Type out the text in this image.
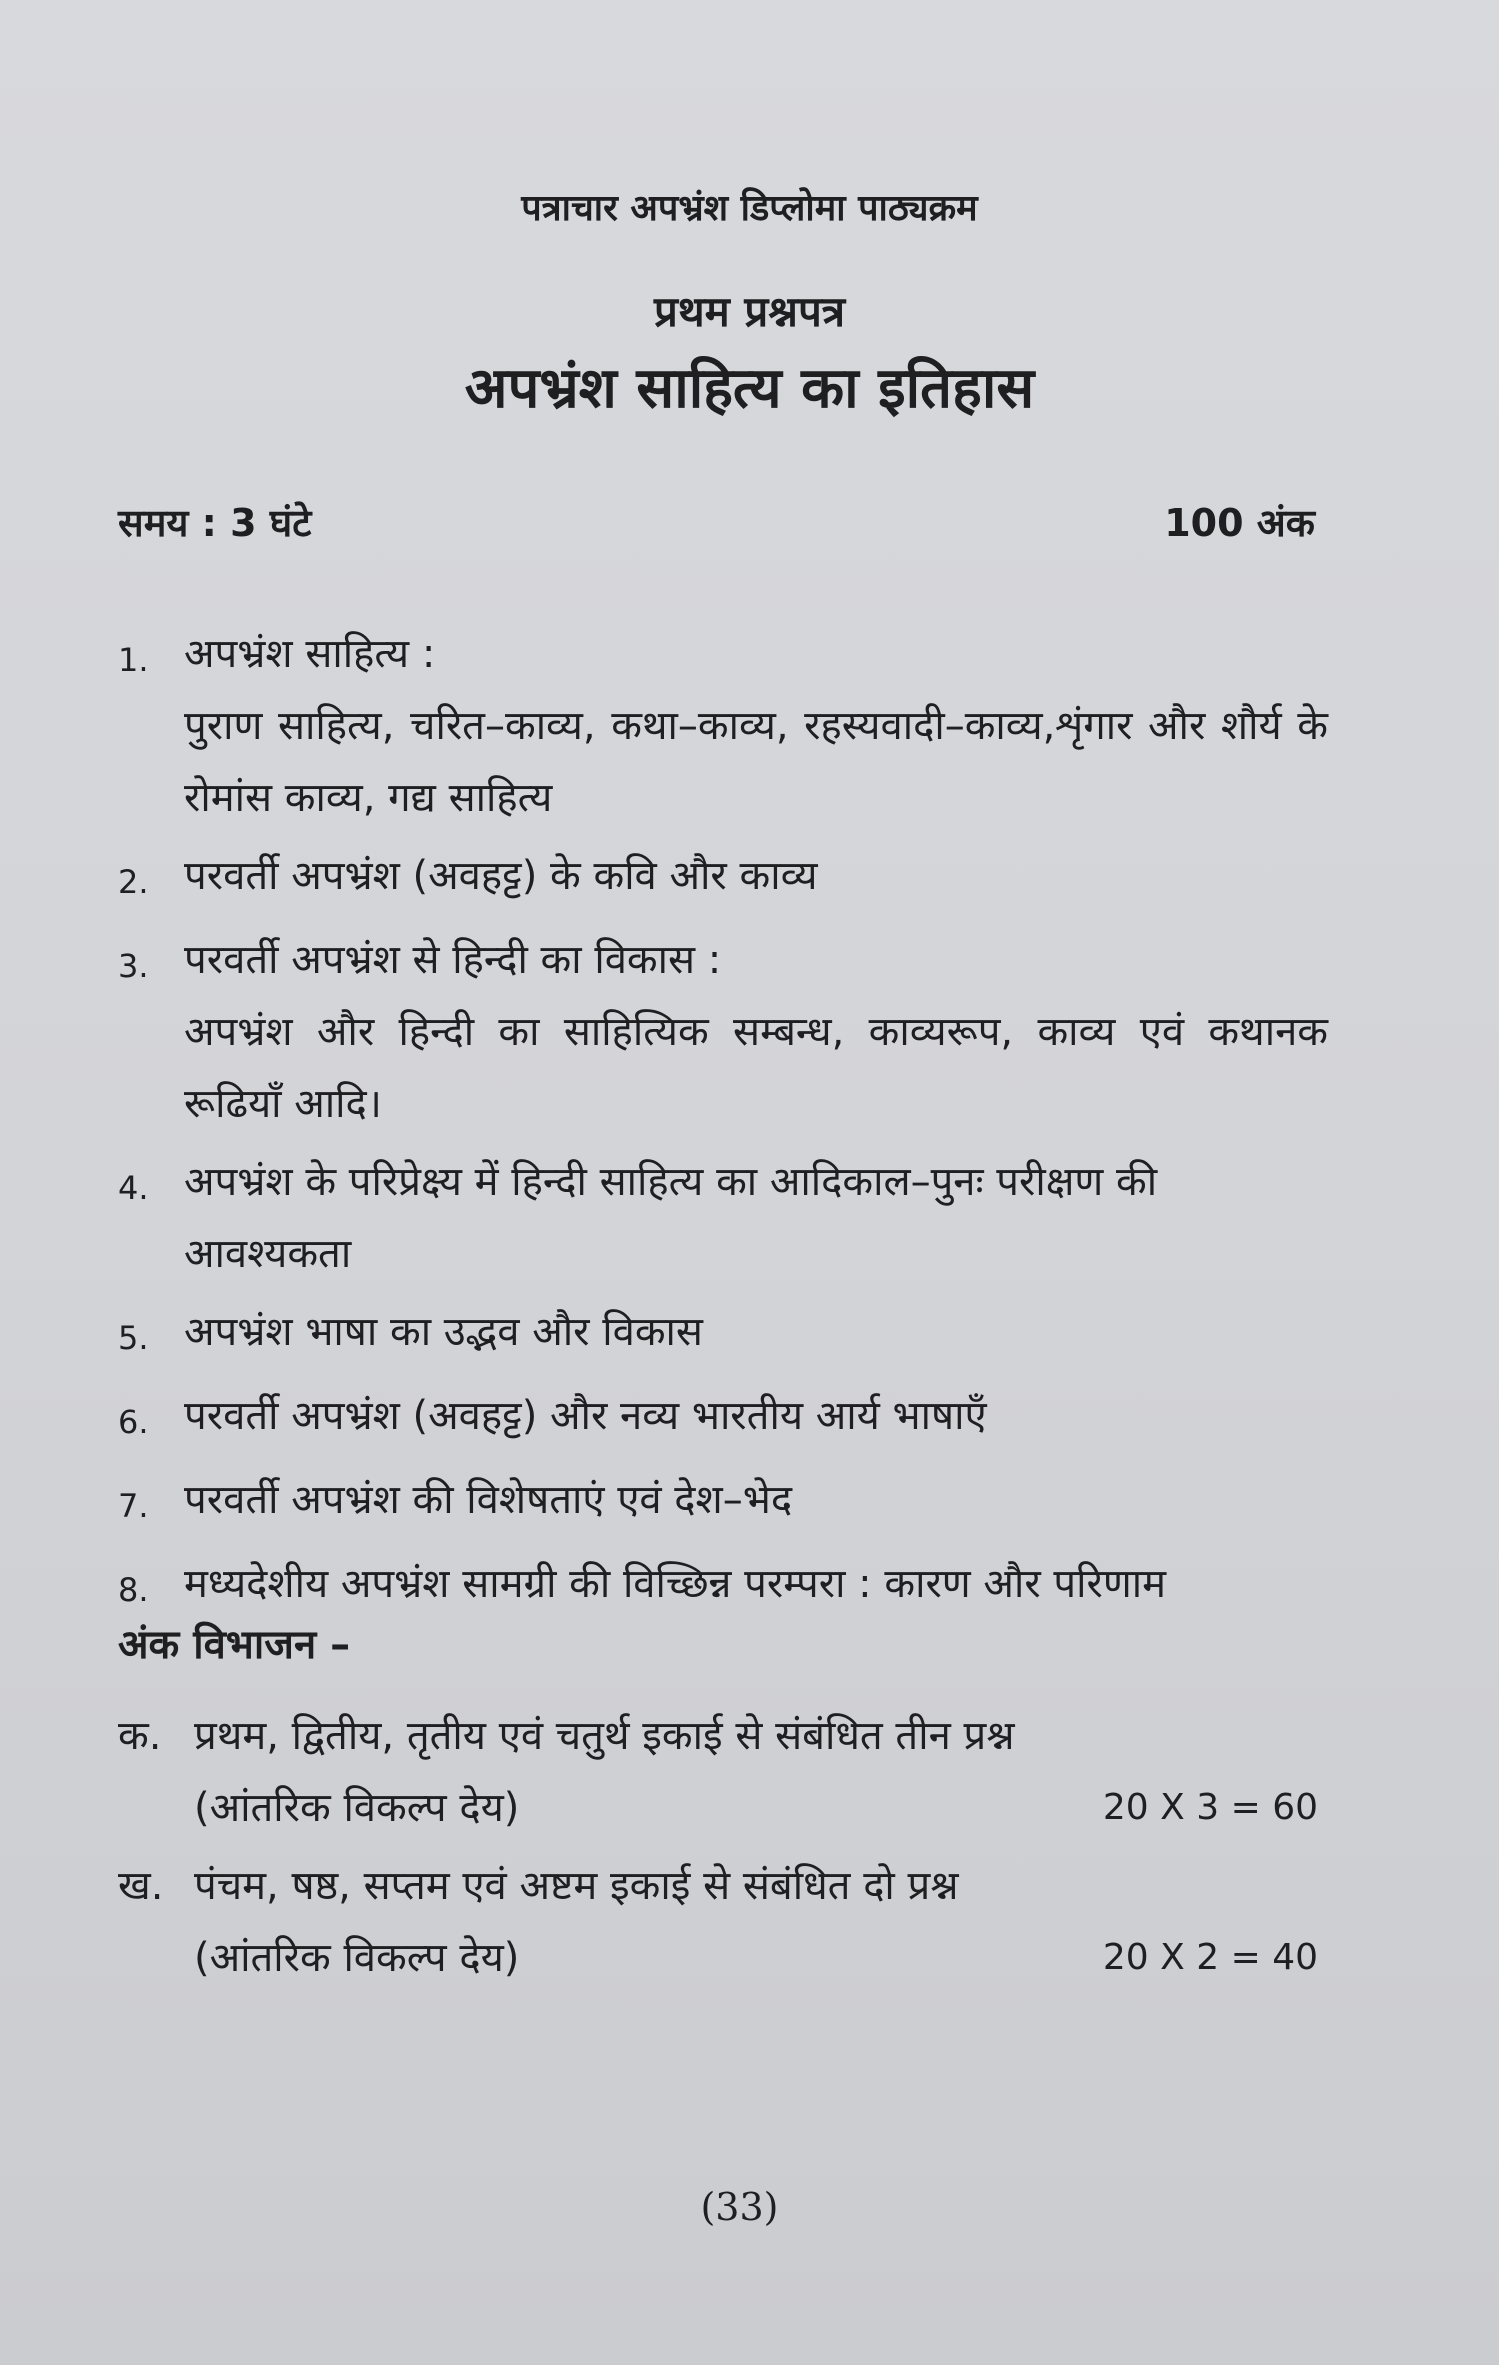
पत्राचार अपभ्रंश डिप्लोमा पाठ्यक्रम
प्रथम प्रश्नपत्र
अपभ्रंश साहित्य का इतिहास
समय : 3 घंटे	100 अंक
1. अपभ्रंश साहित्य :
पुराण साहित्य, चरित–काव्य, कथा–काव्य, रहस्यवादी–काव्य,शृंगार और शौर्य के रोमांस काव्य, गद्य साहित्य
2. परवर्ती अपभ्रंश (अवहट्ट) के कवि और काव्य
3. परवर्ती अपभ्रंश से हिन्दी का विकास :
अपभ्रंश और हिन्दी का साहित्यिक सम्बन्ध, काव्यरूप, काव्य एवं कथानक रूढियाँ आदि।
4. अपभ्रंश के परिप्रेक्ष्य में हिन्दी साहित्य का आदिकाल–पुनः परीक्षण की आवश्यकता
5. अपभ्रंश भाषा का उद्भव और विकास
6. परवर्ती अपभ्रंश (अवहट्ट) और नव्य भारतीय आर्य भाषाएँ
7. परवर्ती अपभ्रंश की विशेषताएं एवं देश–भेद
8. मध्यदेशीय अपभ्रंश सामग्री की विच्छिन्न परम्परा : कारण और परिणाम
अंक विभाजन –
क. प्रथम, द्वितीय, तृतीय एवं चतुर्थ इकाई से संबंधित तीन प्रश्न
(आंतरिक विकल्प देय)	20 X 3 = 60
ख. पंचम, षष्ठ, सप्तम एवं अष्टम इकाई से संबंधित दो प्रश्न
(आंतरिक विकल्प देय)	20 X 2 = 40
(33)
